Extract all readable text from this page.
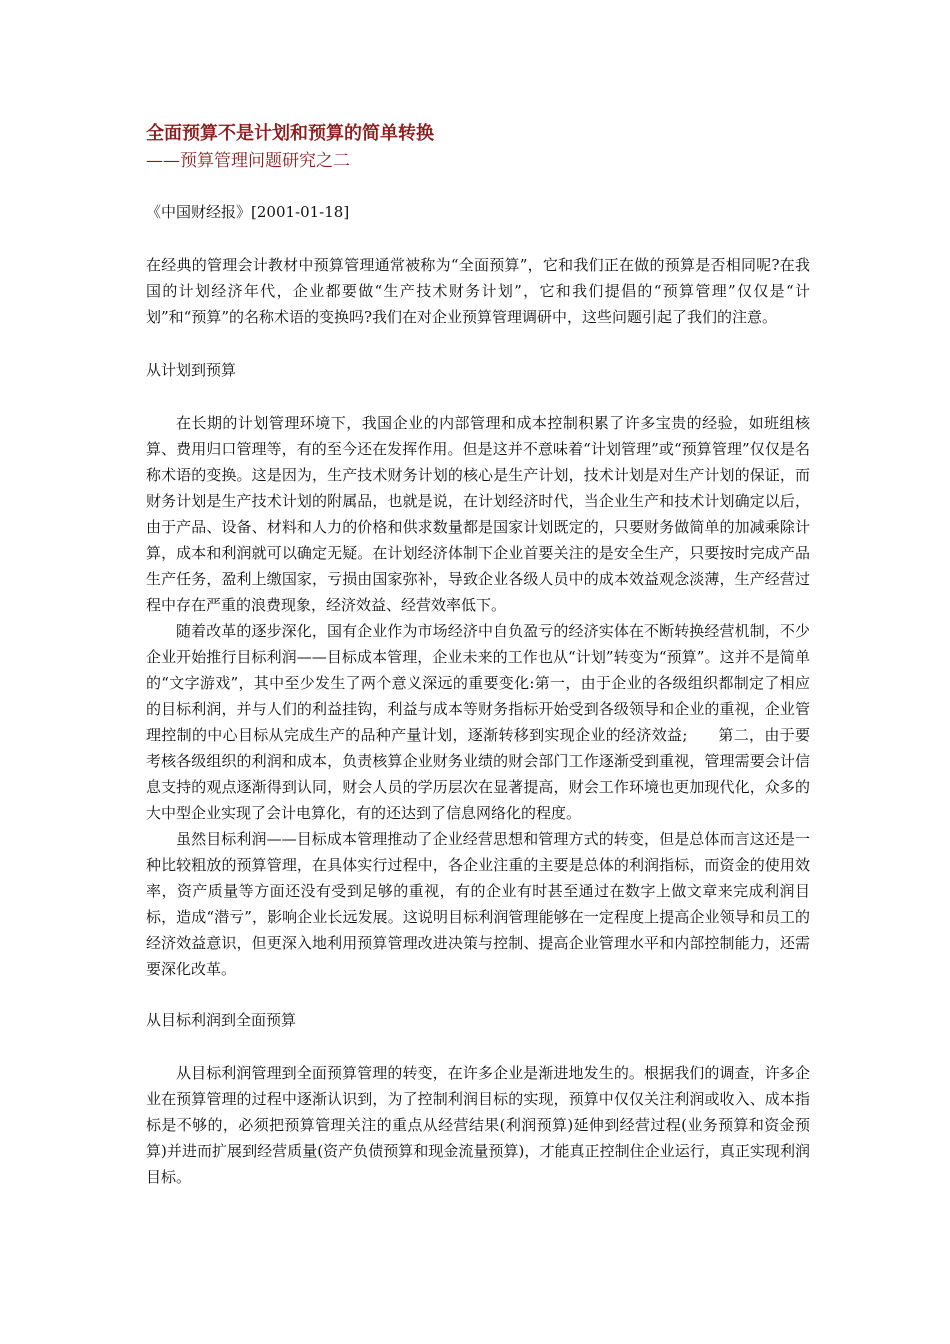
全面预算不是计划和预算的简单转换

——预算管理问题研究之二

《中国财经报》[2001-01-18]

在经典的管理会计教材中预算管理通常被称为“全面预算”，它和我们正在做的预算是否相同呢?在我国的计划经济年代，企业都要做“生产技术财务计划”，它和我们提倡的“预算管理”仅仅是“计划”和“预算”的名称术语的变换吗?我们在对企业预算管理调研中，这些问题引起了我们的注意。

从计划到预算

在长期的计划管理环境下，我国企业的内部管理和成本控制积累了许多宝贵的经验，如班组核算、费用归口管理等，有的至今还在发挥作用。但是这并不意味着“计划管理”或“预算管理”仅仅是名称术语的变换。这是因为，生产技术财务计划的核心是生产计划，技术计划是对生产计划的保证，而财务计划是生产技术计划的附属品，也就是说，在计划经济时代，当企业生产和技术计划确定以后，由于产品、设备、材料和人力的价格和供求数量都是国家计划既定的，只要财务做简单的加减乘除计算，成本和利润就可以确定无疑。在计划经济体制下企业首要关注的是安全生产，只要按时完成产品生产任务，盈利上缴国家，亏损由国家弥补，导致企业各级人员中的成本效益观念淡薄，生产经营过程中存在严重的浪费现象，经济效益、经营效率低下。

随着改革的逐步深化，国有企业作为市场经济中自负盈亏的经济实体在不断转换经营机制，不少企业开始推行目标利润——目标成本管理，企业未来的工作也从“计划”转变为“预算”。这并不是简单的“文字游戏”，其中至少发生了两个意义深远的重要变化:第一，由于企业的各级组织都制定了相应的目标利润，并与人们的利益挂钩，利益与成本等财务指标开始受到各级领导和企业的重视，企业管理控制的中心目标从完成生产的品种产量计划，逐渐转移到实现企业的经济效益;　　第二，由于要考核各级组织的利润和成本，负责核算企业财务业绩的财会部门工作逐渐受到重视，管理需要会计信息支持的观点逐渐得到认同，财会人员的学历层次在显著提高，财会工作环境也更加现代化，众多的大中型企业实现了会计电算化，有的还达到了信息网络化的程度。

虽然目标利润——目标成本管理推动了企业经营思想和管理方式的转变，但是总体而言这还是一种比较粗放的预算管理，在具体实行过程中，各企业注重的主要是总体的利润指标，而资金的使用效率，资产质量等方面还没有受到足够的重视，有的企业有时甚至通过在数字上做文章来完成利润目标，造成“潜亏”，影响企业长远发展。这说明目标利润管理能够在一定程度上提高企业领导和员工的经济效益意识，但更深入地利用预算管理改进决策与控制、提高企业管理水平和内部控制能力，还需要深化改革。

从目标利润到全面预算

从目标利润管理到全面预算管理的转变，在许多企业是渐进地发生的。根据我们的调查，许多企业在预算管理的过程中逐渐认识到，为了控制利润目标的实现，预算中仅仅关注利润或收入、成本指标是不够的，必须把预算管理关注的重点从经营结果(利润预算)延伸到经营过程(业务预算和资金预算)并进而扩展到经营质量(资产负债预算和现金流量预算)，才能真正控制住企业运行，真正实现利润目标。
